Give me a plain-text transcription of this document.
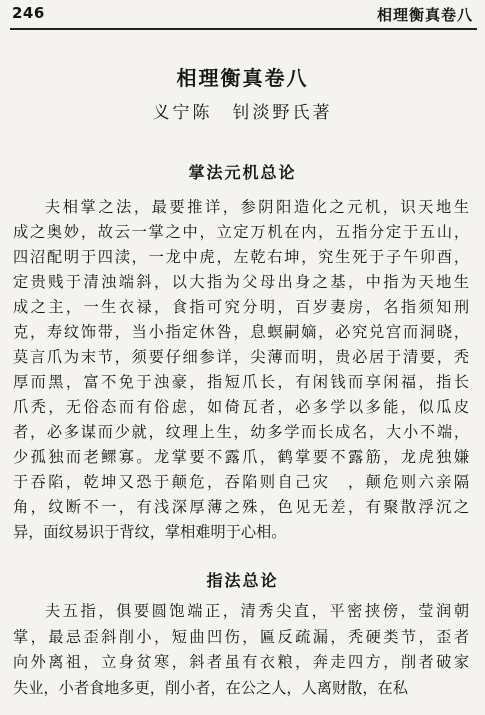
246	相理衡真卷八
相理衡真卷八
义宁陈　钊淡野氏著
掌法元机总论
夫相掌之法，最要推详，参阴阳造化之元机，识天地生
成之奥妙，故云一掌之中，立定万机在内，五指分定于五山，
四沼配明于四渎，一龙中虎，左乾右坤，究生死于子午卯酉，
定贵贱于清浊端斜，以大指为父母出身之基，中指为天地生
成之主，一生衣禄，食指可究分明，百岁妻房，名指须知刑
克，寿纹饰带，当小指定休咎，息螟嗣嫡，必究兑宫而洞晓，
莫言爪为末节，须要仔细参详，尖薄而明，贵必居于清要，秃
厚而黑，富不免于浊豪，指短爪长，有闲钱而享闲福，指长
爪秃，无俗态而有俗虑，如倚瓦者，必多学以多能，似瓜皮
者，必多谋而少就，纹理上生，幼多学而长成名，大小不端，
少孤独而老鳏寡。龙掌要不露爪，鹤掌要不露筋，龙虎独嫌
于吞陷，乾坤又恐于颠危，吞陷则自己灾　，颠危则六亲隔
角，纹断不一，有浅深厚薄之殊，色见无差，有聚散浮沉之
异，面纹易识于背纹，掌相难明于心相。
指法总论
夫五指，俱要圆饱端正，清秀尖直，平密挟傍，莹润朝
掌，最忌歪斜削小，短曲凹伤，匾反疏漏，秃硬类节，歪者
向外离祖，立身贫寒，斜者虽有衣粮，奔走四方，削者破家
失业，小者食地多更，削小者，在公之人，人离财散，在私
